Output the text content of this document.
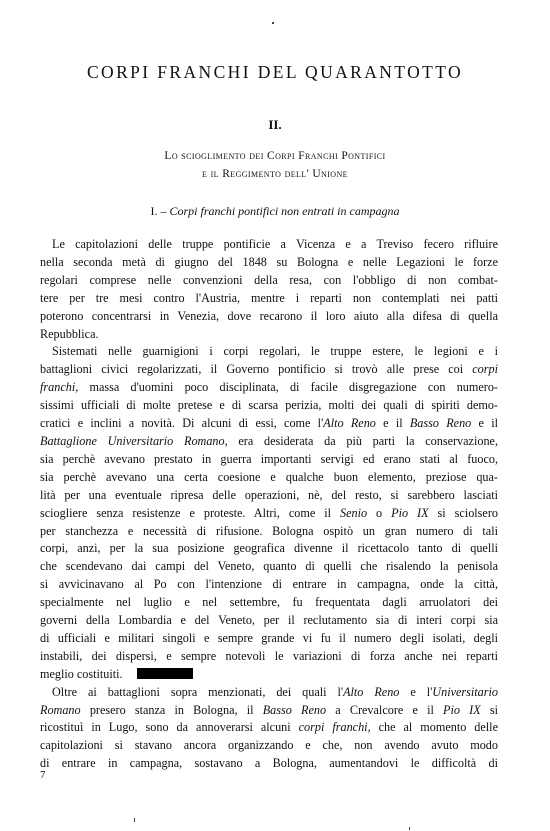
CORPI FRANCHI DEL QUARANTOTTO
II.

Lo scioglimento dei Corpi Franchi Pontifici

e il Reggimento dell' Unione

I. – Corpi franchi pontifici non entrati in campagna

Le capitolazioni delle truppe pontificie a Vicenza e a Treviso fecero rifluire
nella seconda metà di giugno del 1848 su Bologna e nelle Legazioni le forze
regolari comprese nelle convenzioni della resa, con l'obbligo di non combat-
tere per tre mesi contro l'Austria, mentre i reparti non contemplati nei patti
poterono concentrarsi in Venezia, dove recarono il loro aiuto alla difesa di quella
Repubblica.

Sistemati nelle guarnigioni i corpi regolari, le truppe estere, le legioni e i
battaglioni civici regolarizzati, il Governo pontificio si trovò alle prese coi corpi
franchi, massa d'uomini poco disciplinata, di facile disgregazione con numero-
sissimi ufficiali di molte pretese e di scarsa perizia, molti dei quali di spiriti demo-
cratici e inclini a novità. Di alcuni di essi, come l'Alto Reno e il Basso Reno e il
Battaglione Universitario Romano, era desiderata da più parti la conservazione,
sia perchè avevano prestato in guerra importanti servigi ed erano stati al fuoco,
sia perchè avevano una certa coesione e qualche buon elemento, preziose qua-
lità per una eventuale ripresa delle operazioni, nè, del resto, si sarebbero lasciati
sciogliere senza resistenze e proteste. Altri, come il Senio o Pio IX si sciolsero
per stanchezza e necessità di rifusione. Bologna ospitò un gran numero di tali
corpi, anzi, per la sua posizione geografica divenne il ricettacolo tanto di quelli
che scendevano dai campi del Veneto, quanto di quelli che risalendo la penisola
si avvicinavano al Po con l'intenzione di entrare in campagna, onde la città,
specialmente nel luglio e nel settembre, fu frequentata dagli arruolatori dei
governi della Lombardia e del Veneto, per il reclutamento sia di interi corpi sia
di ufficiali e militari singoli e sempre grande vi fu il numero degli isolati, degli
instabili, dei dispersi, e sempre notevoli le variazioni di forza anche nei reparti
meglio costituiti.

Oltre ai battaglioni sopra menzionati, dei quali l'Alto Reno e l'Universitario
Romano presero stanza in Bologna, il Basso Reno a Crevalcore e il Pio IX si
ricostituì in Lugo, sono da annoverarsi alcuni corpi franchi, che al momento delle
capitolazioni si stavano ancora organizzando e che, non avendo avuto modo
di entrare in campagna, sostavano a Bologna, aumentandovi le difficoltà di

7
